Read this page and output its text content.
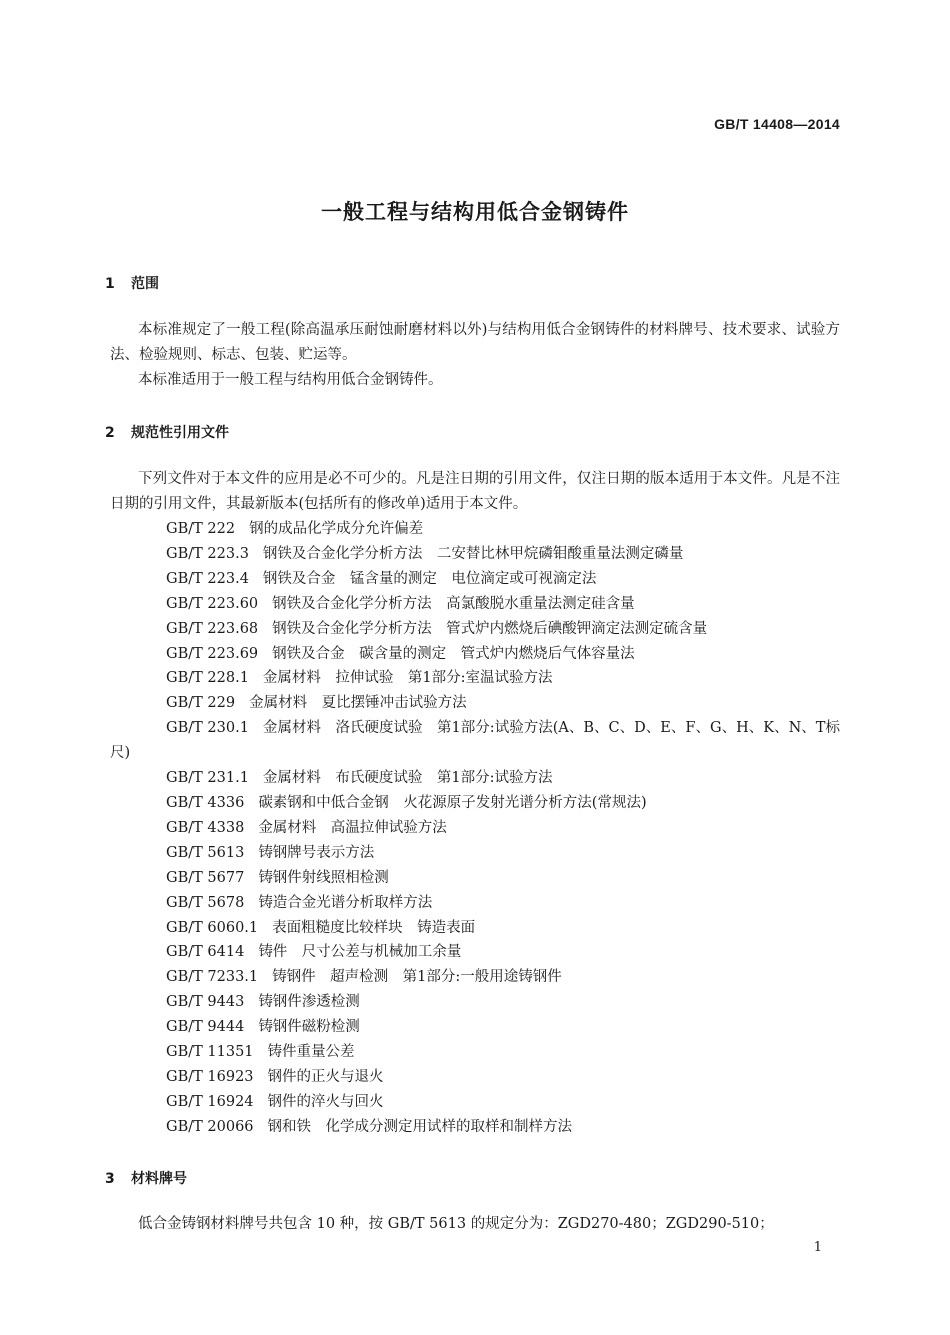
GB/T 14408—2014
一般工程与结构用低合金钢铸件
1 范围

本标准规定了一般工程(除高温承压耐蚀耐磨材料以外)与结构用低合金钢铸件的材料牌号、技术要求、试验方法、检验规则、标志、包装、贮运等。

本标准适用于一般工程与结构用低合金钢铸件。

2 规范性引用文件

下列文件对于本文件的应用是必不可少的。凡是注日期的引用文件，仅注日期的版本适用于本文件。凡是不注日期的引用文件，其最新版本(包括所有的修改单)适用于本文件。

GB/T 222 钢的成品化学成分允许偏差
GB/T 223.3 钢铁及合金化学分析方法　二安替比林甲烷磷钼酸重量法测定磷量
GB/T 223.4 钢铁及合金　锰含量的测定　电位滴定或可视滴定法
GB/T 223.60 钢铁及合金化学分析方法　高氯酸脱水重量法测定硅含量
GB/T 223.68 钢铁及合金化学分析方法　管式炉内燃烧后碘酸钾滴定法测定硫含量
GB/T 223.69 钢铁及合金　碳含量的测定　管式炉内燃烧后气体容量法
GB/T 228.1 金属材料　拉伸试验　第1部分:室温试验方法
GB/T 229 金属材料　夏比摆锤冲击试验方法
GB/T 230.1 金属材料　洛氏硬度试验　第1部分:试验方法(A、B、C、D、E、F、G、H、K、N、T标尺)
GB/T 231.1 金属材料　布氏硬度试验　第1部分:试验方法
GB/T 4336 碳素钢和中低合金钢　火花源原子发射光谱分析方法(常规法)
GB/T 4338 金属材料　高温拉伸试验方法
GB/T 5613 铸钢牌号表示方法
GB/T 5677 铸钢件射线照相检测
GB/T 5678 铸造合金光谱分析取样方法
GB/T 6060.1 表面粗糙度比较样块　铸造表面
GB/T 6414 铸件　尺寸公差与机械加工余量
GB/T 7233.1 铸钢件　超声检测　第1部分:一般用途铸钢件
GB/T 9443 铸钢件渗透检测
GB/T 9444 铸钢件磁粉检测
GB/T 11351 铸件重量公差
GB/T 16923 钢件的正火与退火
GB/T 16924 钢件的淬火与回火
GB/T 20066 钢和铁　化学成分测定用试样的取样和制样方法
3 材料牌号

低合金铸钢材料牌号共包含 10 种，按 GB/T 5613 的规定分为：ZGD270-480；ZGD290-510；

1
